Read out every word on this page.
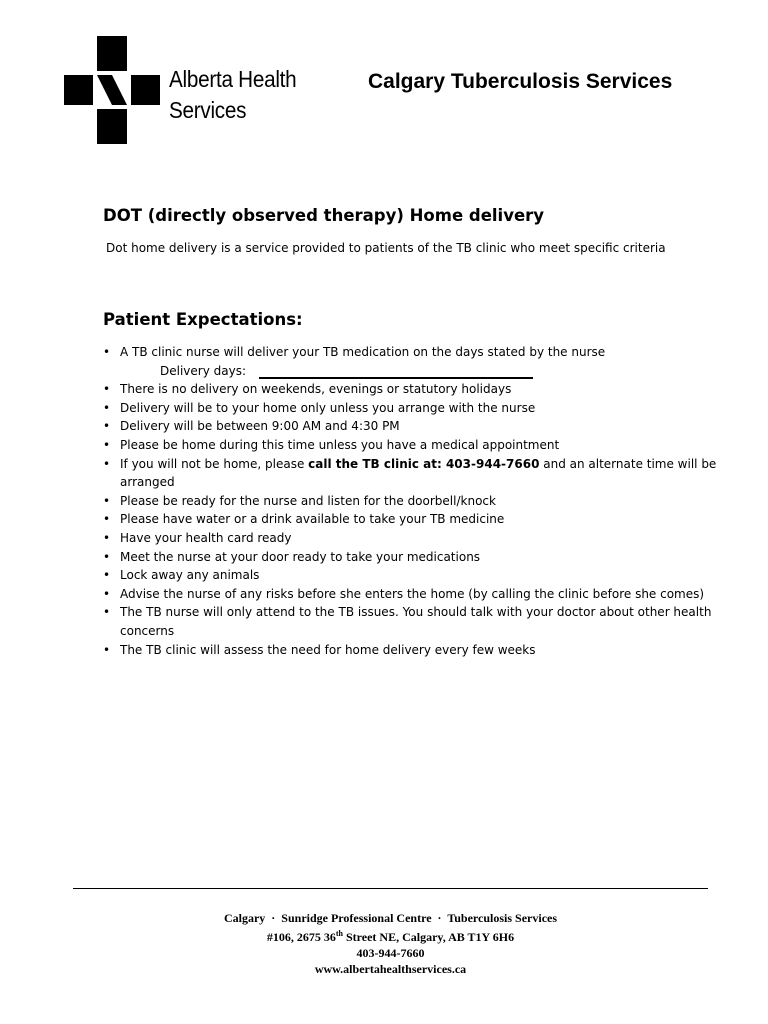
Alberta Health
Services
Calgary Tuberculosis Services
DOT (directly observed therapy) Home delivery
Dot home delivery is a service provided to patients of the TB clinic who meet specific criteria
Patient Expectations:
• A TB clinic nurse will deliver your TB medication on the days stated by the nurse
Delivery days:
• There is no delivery on weekends, evenings or statutory holidays
• Delivery will be to your home only unless you arrange with the nurse
• Delivery will be between 9:00 AM and 4:30 PM
• Please be home during this time unless you have a medical appointment
• If you will not be home, please call the TB clinic at: 403-944-7660 and an alternate time will be arranged
• Please be ready for the nurse and listen for the doorbell/knock
• Please have water or a drink available to take your TB medicine
• Have your health card ready
• Meet the nurse at your door ready to take your medications
• Lock away any animals
• Advise the nurse of any risks before she enters the home (by calling the clinic before she comes)
• The TB nurse will only attend to the TB issues. You should talk with your doctor about other health concerns
• The TB clinic will assess the need for home delivery every few weeks
Calgary · Sunridge Professional Centre · Tuberculosis Services
#106, 2675 36th Street NE, Calgary, AB T1Y 6H6
403-944-7660
www.albertahealthservices.ca
